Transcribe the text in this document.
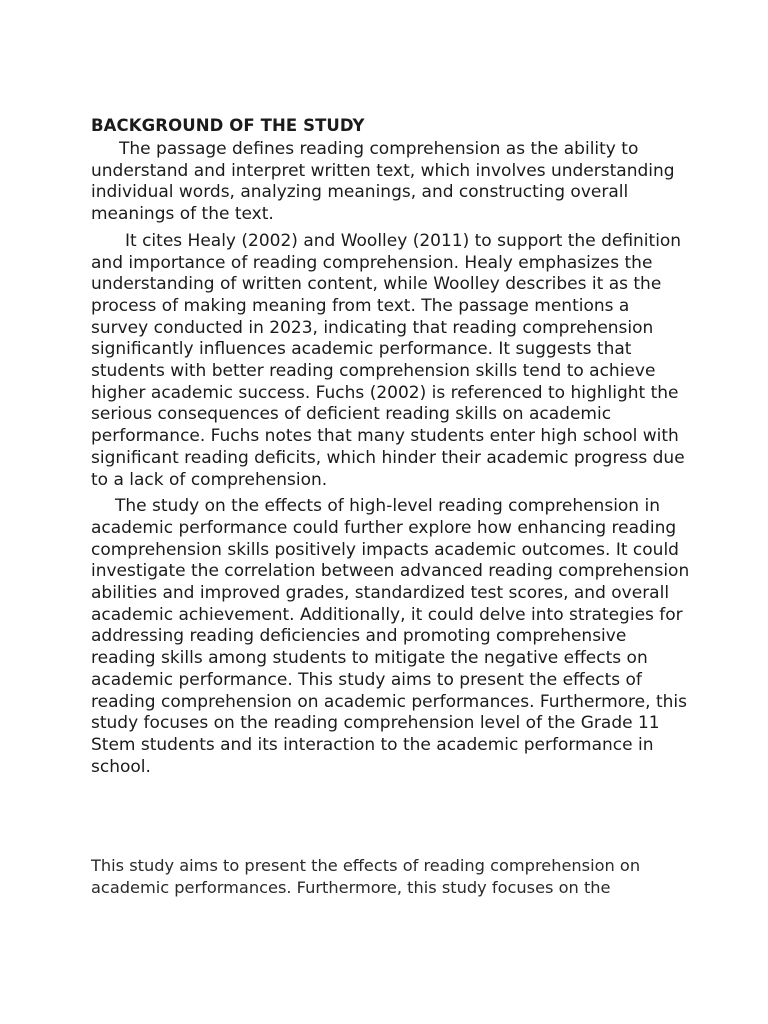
BACKGROUND OF THE STUDY

The passage defines reading comprehension as the ability to understand and interpret written text, which involves understanding individual words, analyzing meanings, and constructing overall meanings of the text.

It cites Healy (2002) and Woolley (2011) to support the definition and importance of reading comprehension. Healy emphasizes the understanding of written content, while Woolley describes it as the process of making meaning from text. The passage mentions a survey conducted in 2023, indicating that reading comprehension significantly influences academic performance. It suggests that students with better reading comprehension skills tend to achieve higher academic success. Fuchs (2002) is referenced to highlight the serious consequences of deficient reading skills on academic performance. Fuchs notes that many students enter high school with significant reading deficits, which hinder their academic progress due to a lack of comprehension.

The study on the effects of high-level reading comprehension in academic performance could further explore how enhancing reading comprehension skills positively impacts academic outcomes. It could investigate the correlation between advanced reading comprehension abilities and improved grades, standardized test scores, and overall academic achievement. Additionally, it could delve into strategies for addressing reading deficiencies and promoting comprehensive reading skills among students to mitigate the negative effects on academic performance. This study aims to present the effects of reading comprehension on academic performances. Furthermore, this study focuses on the reading comprehension level of the Grade 11 Stem students and its interaction to the academic performance in school.

This study aims to present the effects of reading comprehension on academic performances. Furthermore, this study focuses on the
